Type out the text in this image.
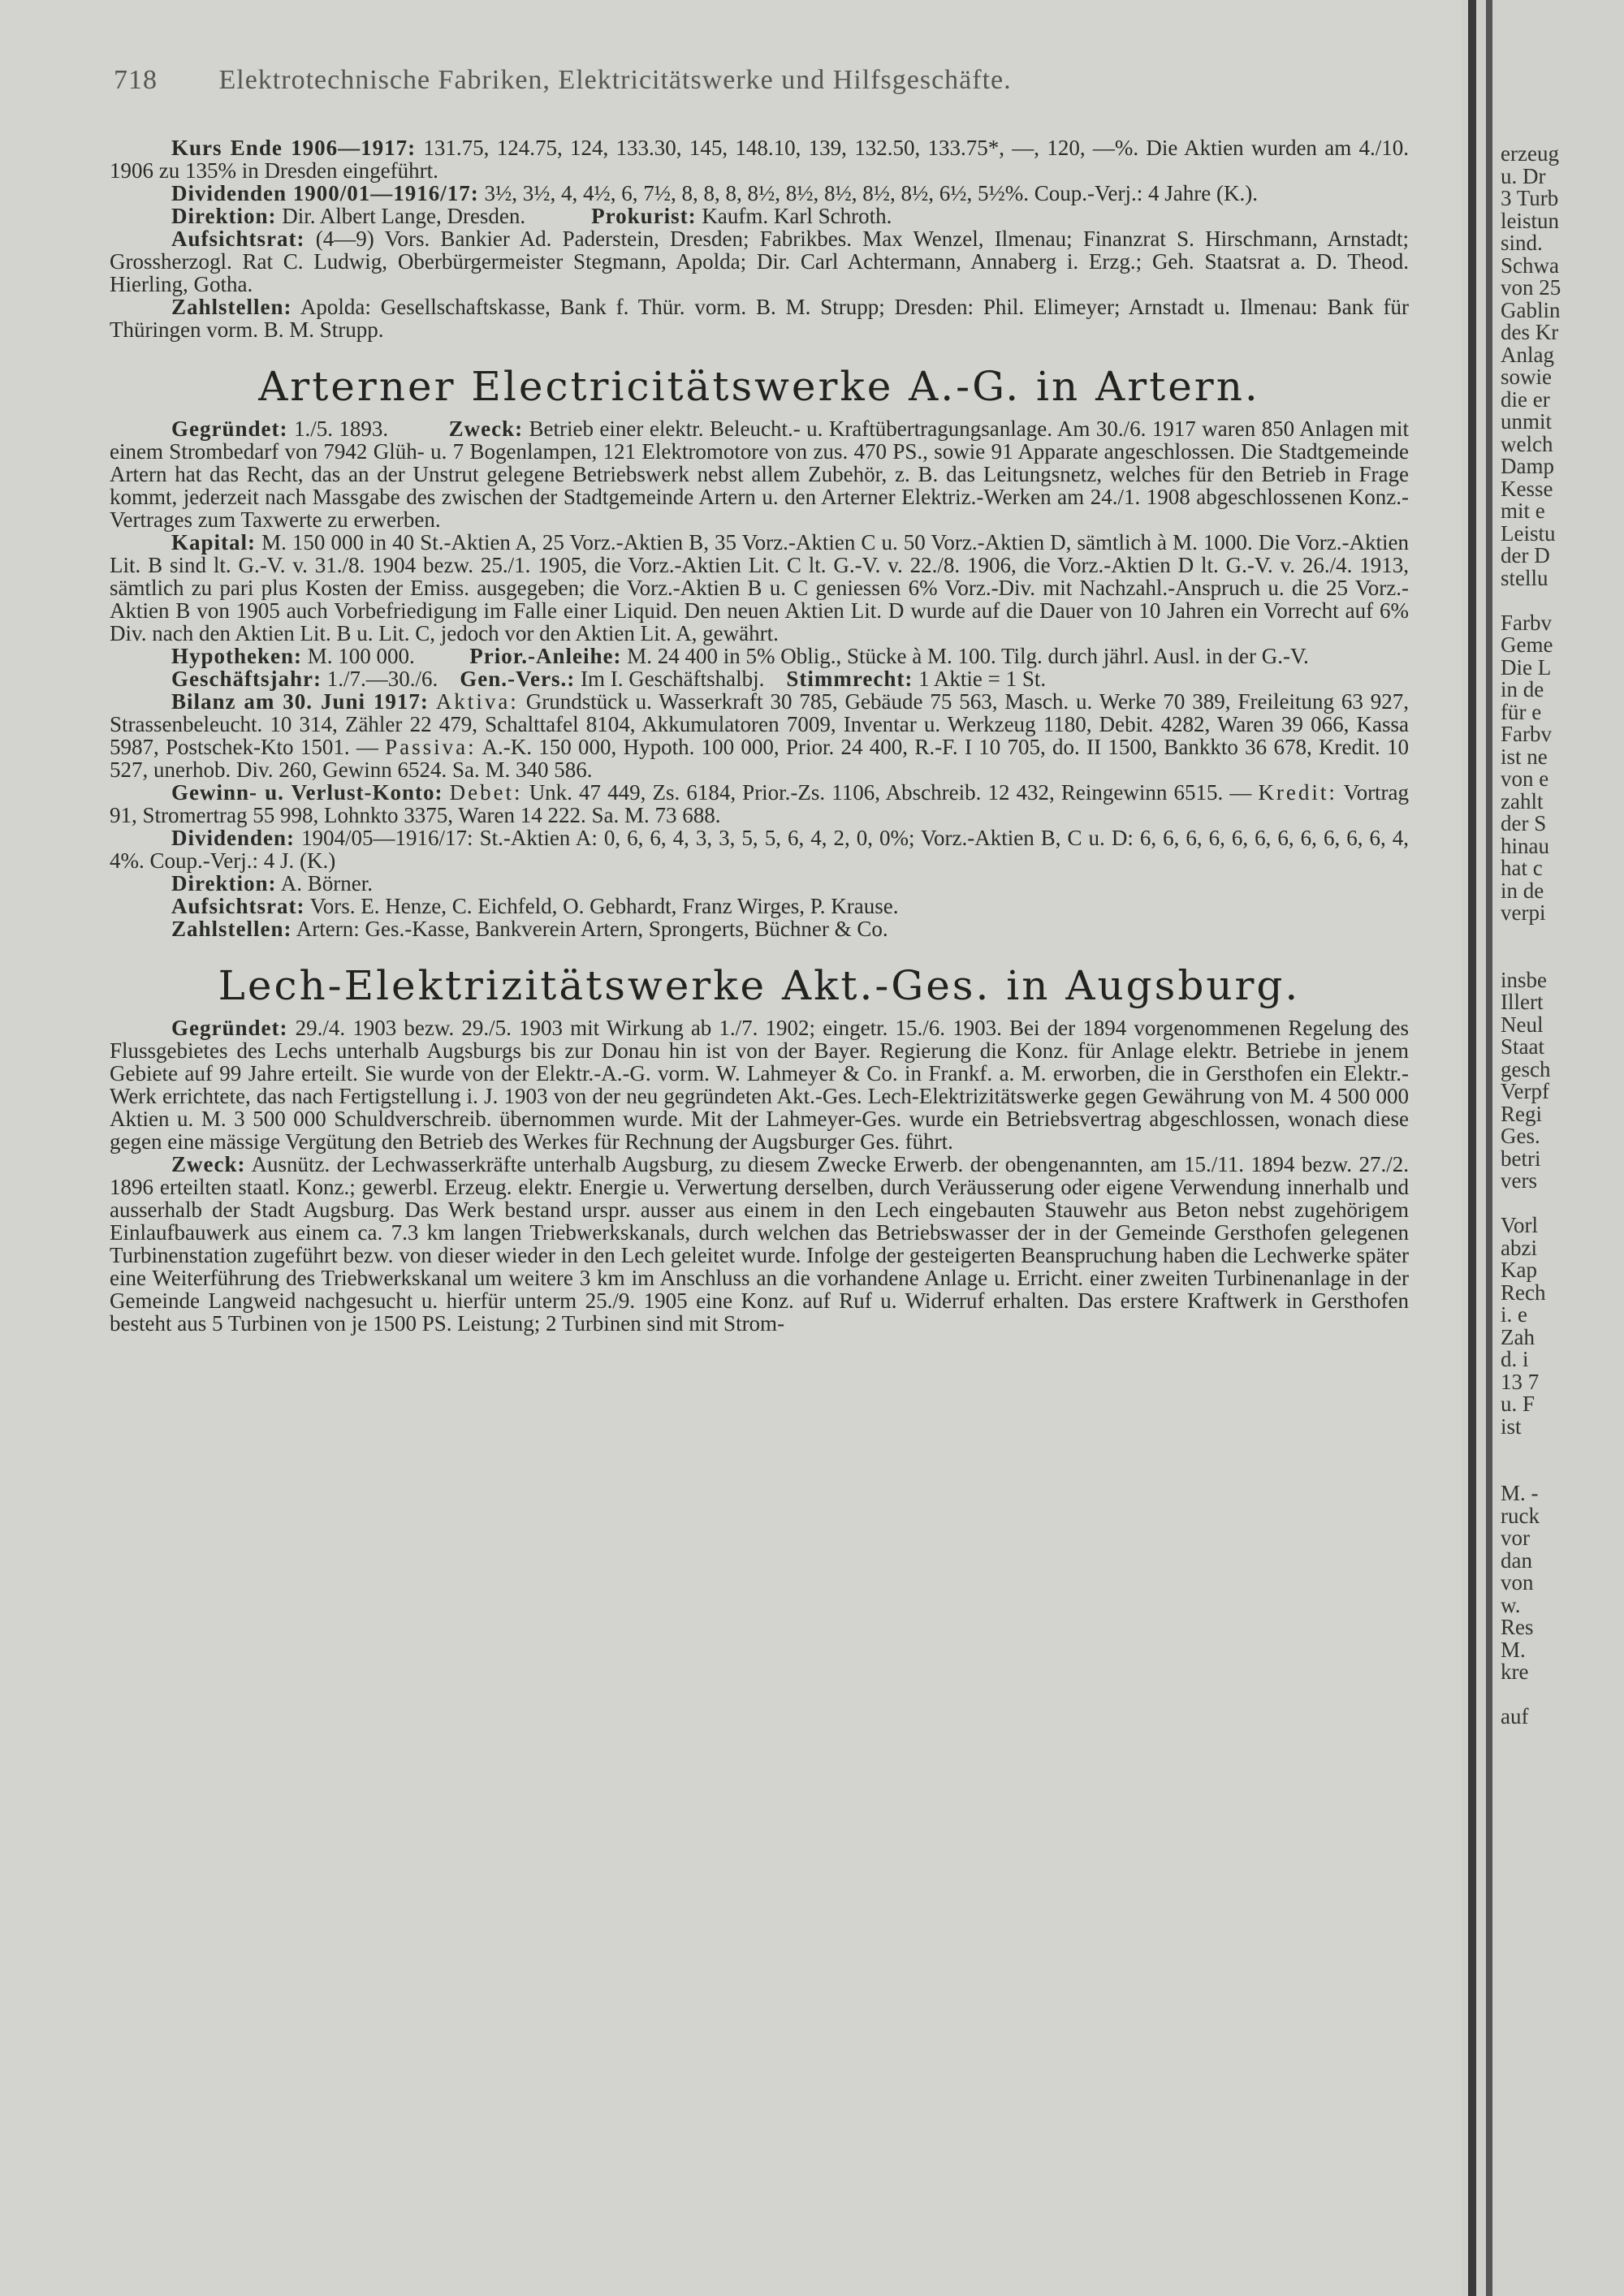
718 Elektrotechnische Fabriken, Elektricitätswerke und Hilfsgeschäfte.

Kurs Ende 1906—1917: 131.75, 124.75, 124, 133.30, 145, 148.10, 139, 132.50, 133.75*, —, 120, —%. Die Aktien wurden am 4./10. 1906 zu 135% in Dresden eingeführt.

Dividenden 1900/01—1916/17: 3½, 3½, 4, 4½, 6, 7½, 8, 8, 8, 8½, 8½, 8½, 8½, 8½, 6½, 5½%. Coup.-Verj.: 4 Jahre (K.).

Direktion: Dir. Albert Lange, Dresden.	Prokurist: Kaufm. Karl Schroth.

Aufsichtsrat: (4—9) Vors. Bankier Ad. Paderstein, Dresden; Fabrikbes. Max Wenzel, Ilmenau; Finanzrat S. Hirschmann, Arnstadt; Grossherzogl. Rat C. Ludwig, Oberbürgermeister Stegmann, Apolda; Dir. Carl Achtermann, Annaberg i. Erzg.; Geh. Staatsrat a. D. Theod. Hierling, Gotha.

Zahlstellen: Apolda: Gesellschaftskasse, Bank f. Thür. vorm. B. M. Strupp; Dresden: Phil. Elimeyer; Arnstadt u. Ilmenau: Bank für Thüringen vorm. B. M. Strupp.

Arterner Electricitätswerke A.-G. in Artern.

Gegründet: 1./5. 1893.	Zweck: Betrieb einer elektr. Beleucht.- u. Kraftübertragungsanlage. Am 30./6. 1917 waren 850 Anlagen mit einem Strombedarf von 7942 Glüh- u. 7 Bogenlampen, 121 Elektromotore von zus. 470 PS., sowie 91 Apparate angeschlossen. Die Stadtgemeinde Artern hat das Recht, das an der Unstrut gelegene Betriebswerk nebst allem Zubehör, z. B. das Leitungsnetz, welches für den Betrieb in Frage kommt, jederzeit nach Massgabe des zwischen der Stadtgemeinde Artern u. den Arterner Elektriz.-Werken am 24./1. 1908 abgeschlossenen Konz.-Vertrages zum Taxwerte zu erwerben.

Kapital: M. 150 000 in 40 St.-Aktien A, 25 Vorz.-Aktien B, 35 Vorz.-Aktien C u. 50 Vorz.-Aktien D, sämtlich à M. 1000. Die Vorz.-Aktien Lit. B sind lt. G.-V. v. 31./8. 1904 bezw. 25./1. 1905, die Vorz.-Aktien Lit. C lt. G.-V. v. 22./8. 1906, die Vorz.-Aktien D lt. G.-V. v. 26./4. 1913, sämtlich zu pari plus Kosten der Emiss. ausgegeben; die Vorz.-Aktien B u. C geniessen 6% Vorz.-Div. mit Nachzahl.-Anspruch u. die 25 Vorz.-Aktien B von 1905 auch Vorbefriedigung im Falle einer Liquid. Den neuen Aktien Lit. D wurde auf die Dauer von 10 Jahren ein Vorrecht auf 6% Div. nach den Aktien Lit. B u. Lit. C, jedoch vor den Aktien Lit. A, gewährt.

Hypotheken: M. 100 000.	Prior.-Anleihe: M. 24 400 in 5% Oblig., Stücke à M. 100. Tilg. durch jährl. Ausl. in der G.-V.

Geschäftsjahr: 1./7.—30./6. Gen.-Vers.: Im I. Geschäftshalbj. Stimmrecht: 1 Aktie = 1 St.

Bilanz am 30. Juni 1917: Aktiva: Grundstück u. Wasserkraft 30 785, Gebäude 75 563, Masch. u. Werke 70 389, Freileitung 63 927, Strassenbeleucht. 10 314, Zähler 22 479, Schalttafel 8104, Akkumulatoren 7009, Inventar u. Werkzeug 1180, Debit. 4282, Waren 39 066, Kassa 5987, Postschek-Kto 1501. — Passiva: A.-K. 150 000, Hypoth. 100 000, Prior. 24 400, R.-F. I 10 705, do. II 1500, Bankkto 36 678, Kredit. 10 527, unerhob. Div. 260, Gewinn 6524. Sa. M. 340 586.

Gewinn- u. Verlust-Konto: Debet: Unk. 47 449, Zs. 6184, Prior.-Zs. 1106, Abschreib. 12 432, Reingewinn 6515. — Kredit: Vortrag 91, Stromertrag 55 998, Lohnkto 3375, Waren 14 222. Sa. M. 73 688.

Dividenden: 1904/05—1916/17: St.-Aktien A: 0, 6, 6, 4, 3, 3, 5, 5, 6, 4, 2, 0, 0%; Vorz.-Aktien B, C u. D: 6, 6, 6, 6, 6, 6, 6, 6, 6, 6, 6, 4, 4%. Coup.-Verj.: 4 J. (K.)

Direktion: A. Börner.

Aufsichtsrat: Vors. E. Henze, C. Eichfeld, O. Gebhardt, Franz Wirges, P. Krause.

Zahlstellen: Artern: Ges.-Kasse, Bankverein Artern, Sprongerts, Büchner & Co.

Lech-Elektrizitätswerke Akt.-Ges. in Augsburg.

Gegründet: 29./4. 1903 bezw. 29./5. 1903 mit Wirkung ab 1./7. 1902; eingetr. 15./6. 1903. Bei der 1894 vorgenommenen Regelung des Flussgebietes des Lechs unterhalb Augsburgs bis zur Donau hin ist von der Bayer. Regierung die Konz. für Anlage elektr. Betriebe in jenem Gebiete auf 99 Jahre erteilt. Sie wurde von der Elektr.-A.-G. vorm. W. Lahmeyer & Co. in Frankf. a. M. erworben, die in Gersthofen ein Elektr.-Werk errichtete, das nach Fertigstellung i. J. 1903 von der neu gegründeten Akt.-Ges. Lech-Elektrizitätswerke gegen Gewährung von M. 4 500 000 Aktien u. M. 3 500 000 Schuldverschreib. übernommen wurde. Mit der Lahmeyer-Ges. wurde ein Betriebsvertrag abgeschlossen, wonach diese gegen eine mässige Vergütung den Betrieb des Werkes für Rechnung der Augsburger Ges. führt.

Zweck: Ausnütz. der Lechwasserkräfte unterhalb Augsburg, zu diesem Zwecke Erwerb. der obengenannten, am 15./11. 1894 bezw. 27./2. 1896 erteilten staatl. Konz.; gewerbl. Erzeug. elektr. Energie u. Verwertung derselben, durch Veräusserung oder eigene Verwendung innerhalb und ausserhalb der Stadt Augsburg. Das Werk bestand urspr. ausser aus einem in den Lech eingebauten Stauwehr aus Beton nebst zugehörigem Einlaufbauwerk aus einem ca. 7.3 km langen Triebwerkskanals, durch welchen das Betriebswasser der in der Gemeinde Gersthofen gelegenen Turbinenstation zugeführt bezw. von dieser wieder in den Lech geleitet wurde. Infolge der gesteigerten Beanspruchung haben die Lechwerke später eine Weiterführung des Triebwerkskanal um weitere 3 km im Anschluss an die vorhandene Anlage u. Erricht. einer zweiten Turbinenanlage in der Gemeinde Langweid nachgesucht u. hierfür unterm 25./9. 1905 eine Konz. auf Ruf u. Widerruf erhalten. Das erstere Kraftwerk in Gersthofen besteht aus 5 Turbinen von je 1500 PS. Leistung; 2 Turbinen sind mit Strom-

erzeug
u. Dr
3 Turb
leistun
sind.
Schwa
von 25
Gablin
des Kr
Anlag
sowie
die er
unmit
welch
Damp
Kesse
mit e
Leistu
der D
stellu

Farbv
Geme
Die L
in de
für e
Farbv
ist ne
von e
zahlt
der S
hinau
hat c
in de
verpi

insbe
Illert
Neul
Staat
gesch
Verpf
Regi
Ges.
betri
vers

Vorl
abzi
Kap
Rech
i. e
Zah
d. i
13 7
u. F
ist

M. -
ruck
vor
dan
von
w.
Res
M.
kre

auf
